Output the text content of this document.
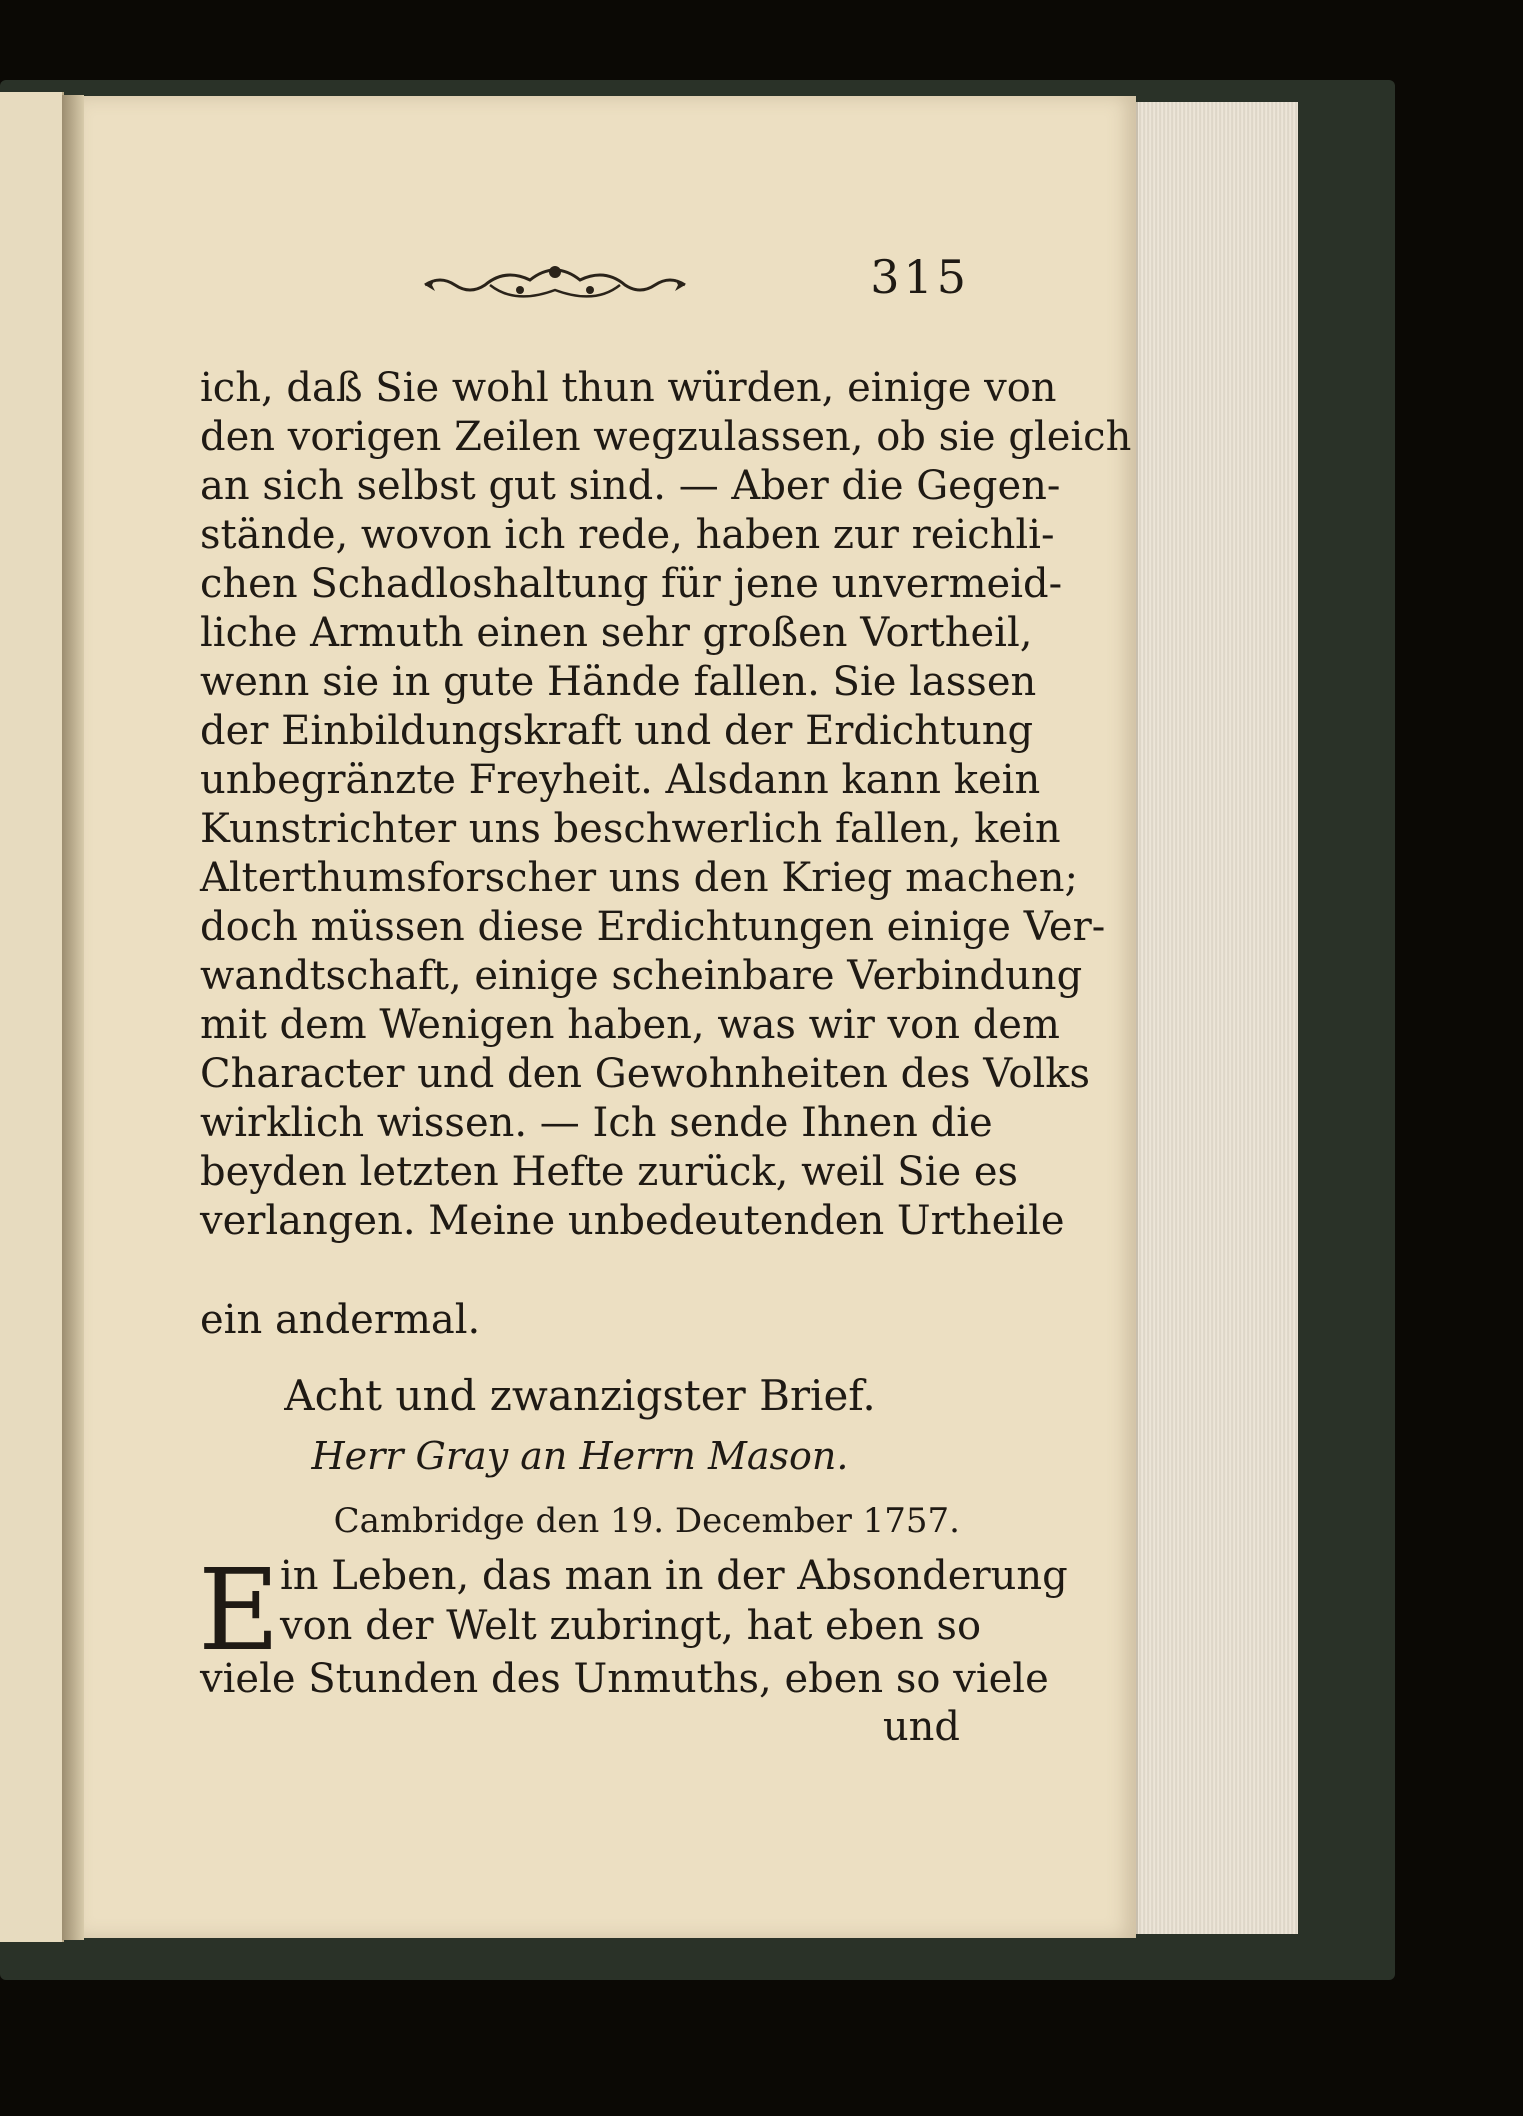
315
ich, daß Sie wohl thun würden, einige von
den vorigen Zeilen wegzulassen, ob sie gleich
an sich selbst gut sind. — Aber die Gegen-
stände, wovon ich rede, haben zur reichli-
chen Schadloshaltung für jene unvermeid-
liche Armuth einen sehr großen Vortheil,
wenn sie in gute Hände fallen. Sie lassen
der Einbildungskraft und der Erdichtung
unbegränzte Freyheit. Alsdann kann kein
Kunstrichter uns beschwerlich fallen, kein
Alterthumsforscher uns den Krieg machen;
doch müssen diese Erdichtungen einige Ver-
wandtschaft, einige scheinbare Verbindung
mit dem Wenigen haben, was wir von dem
Character und den Gewohnheiten des Volks
wirklich wissen. — Ich sende Ihnen die
beyden letzten Hefte zurück, weil Sie es
verlangen. Meine unbedeutenden Urtheile
ein andermal.
Acht und zwanzigster Brief.
Herr Gray an Herrn Mason.
Cambridge den 19. December 1757.
E in Leben, das man in der Absonderung
von der Welt zubringt, hat eben so
viele Stunden des Unmuths, eben so viele
und
